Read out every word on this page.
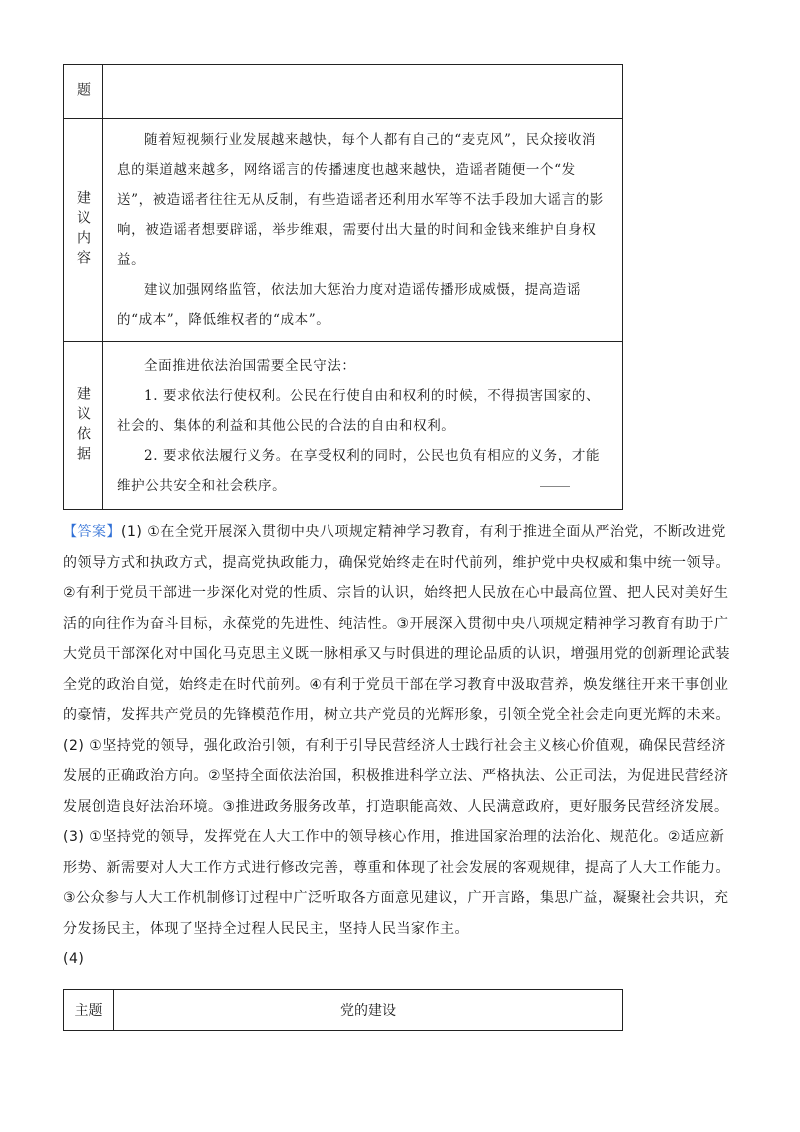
题	

建议内容	随着短视频行业发展越来越快，每个人都有自己的“麦克风”，民众接收消息的渠道越来越多，网络谣言的传播速度也越来越快，造谣者随便一个“发送”，被造谣者往往无从反制，有些造谣者还利用水军等不法手段加大谣言的影响，被造谣者想要辟谣，举步维艰，需要付出大量的时间和金钱来维护自身权益。

建议加强网络监管，依法加大惩治力度对造谣传播形成威慑，提高造谣的“成本”，降低维权者的“成本”。

建议依据	全面推进依法治国需要全民守法：

1. 要求依法行使权利。公民在行使自由和权利的时候，不得损害国家的、社会的、集体的利益和其他公民的合法的自由和权利。

2. 要求依法履行义务。在享受权利的同时，公民也负有相应的义务，才能维护公共安全和社会秩序。

【答案】(1) ①在全党开展深入贯彻中央八项规定精神学习教育，有利于推进全面从严治党，不断改进党的领导方式和执政方式，提高党执政能力，确保党始终走在时代前列，维护党中央权威和集中统一领导。②有利于党员干部进一步深化对党的性质、宗旨的认识，始终把人民放在心中最高位置、把人民对美好生活的向往作为奋斗目标，永葆党的先进性、纯洁性。③开展深入贯彻中央八项规定精神学习教育有助于广大党员干部深化对中国化马克思主义既一脉相承又与时俱进的理论品质的认识，增强用党的创新理论武装全党的政治自觉，始终走在时代前列。④有利于党员干部在学习教育中汲取营养，焕发继往开来干事创业的豪情，发挥共产党员的先锋模范作用，树立共产党员的光辉形象，引领全党全社会走向更光辉的未来。

(2) ①坚持党的领导，强化政治引领，有利于引导民营经济人士践行社会主义核心价值观，确保民营经济发展的正确政治方向。②坚持全面依法治国，积极推进科学立法、严格执法、公正司法，为促进民营经济发展创造良好法治环境。③推进政务服务改革，打造职能高效、人民满意政府，更好服务民营经济发展。

(3) ①坚持党的领导，发挥党在人大工作中的领导核心作用，推进国家治理的法治化、规范化。②适应新形势、新需要对人大工作方式进行修改完善，尊重和体现了社会发展的客观规律，提高了人大工作能力。③公众参与人大工作机制修订过程中广泛听取各方面意见建议，广开言路，集思广益，凝聚社会共识，充分发扬民主，体现了坚持全过程人民民主，坚持人民当家作主。

(4)

主题	党的建设
